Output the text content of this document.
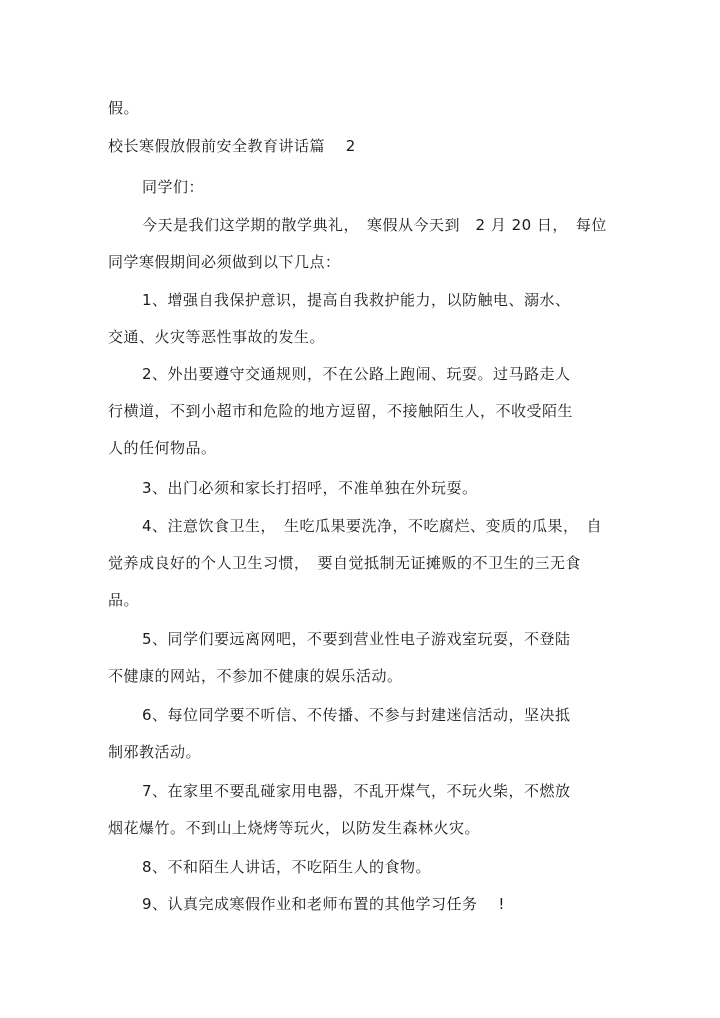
假。
校长寒假放假前安全教育讲话篇　 2
同学们：
今天是我们这学期的散学典礼，　寒假从今天到　2 月 20 日，　每位
同学寒假期间必须做到以下几点：
1、增强自我保护意识，提高自我救护能力，以防触电、溺水、
交通、火灾等恶性事故的发生。
2、外出要遵守交通规则，不在公路上跑闹、玩耍。过马路走人
行横道，不到小超市和危险的地方逗留，不接触陌生人，不收受陌生
人的任何物品。
3、出门必须和家长打招呼，不准单独在外玩耍。
4、注意饮食卫生，　生吃瓜果要洗净，不吃腐烂、变质的瓜果，　自
觉养成良好的个人卫生习惯，　要自觉抵制无证摊贩的不卫生的三无食
品。
5、同学们要远离网吧，不要到营业性电子游戏室玩耍，不登陆
不健康的网站，不参加不健康的娱乐活动。
6、每位同学要不听信、不传播、不参与封建迷信活动，坚决抵
制邪教活动。
7、在家里不要乱碰家用电器，不乱开煤气，不玩火柴，不燃放
烟花爆竹。不到山上烧烤等玩火，以防发生森林火灾。
8、不和陌生人讲话，不吃陌生人的食物。
9、认真完成寒假作业和老师布置的其他学习任务　 !
